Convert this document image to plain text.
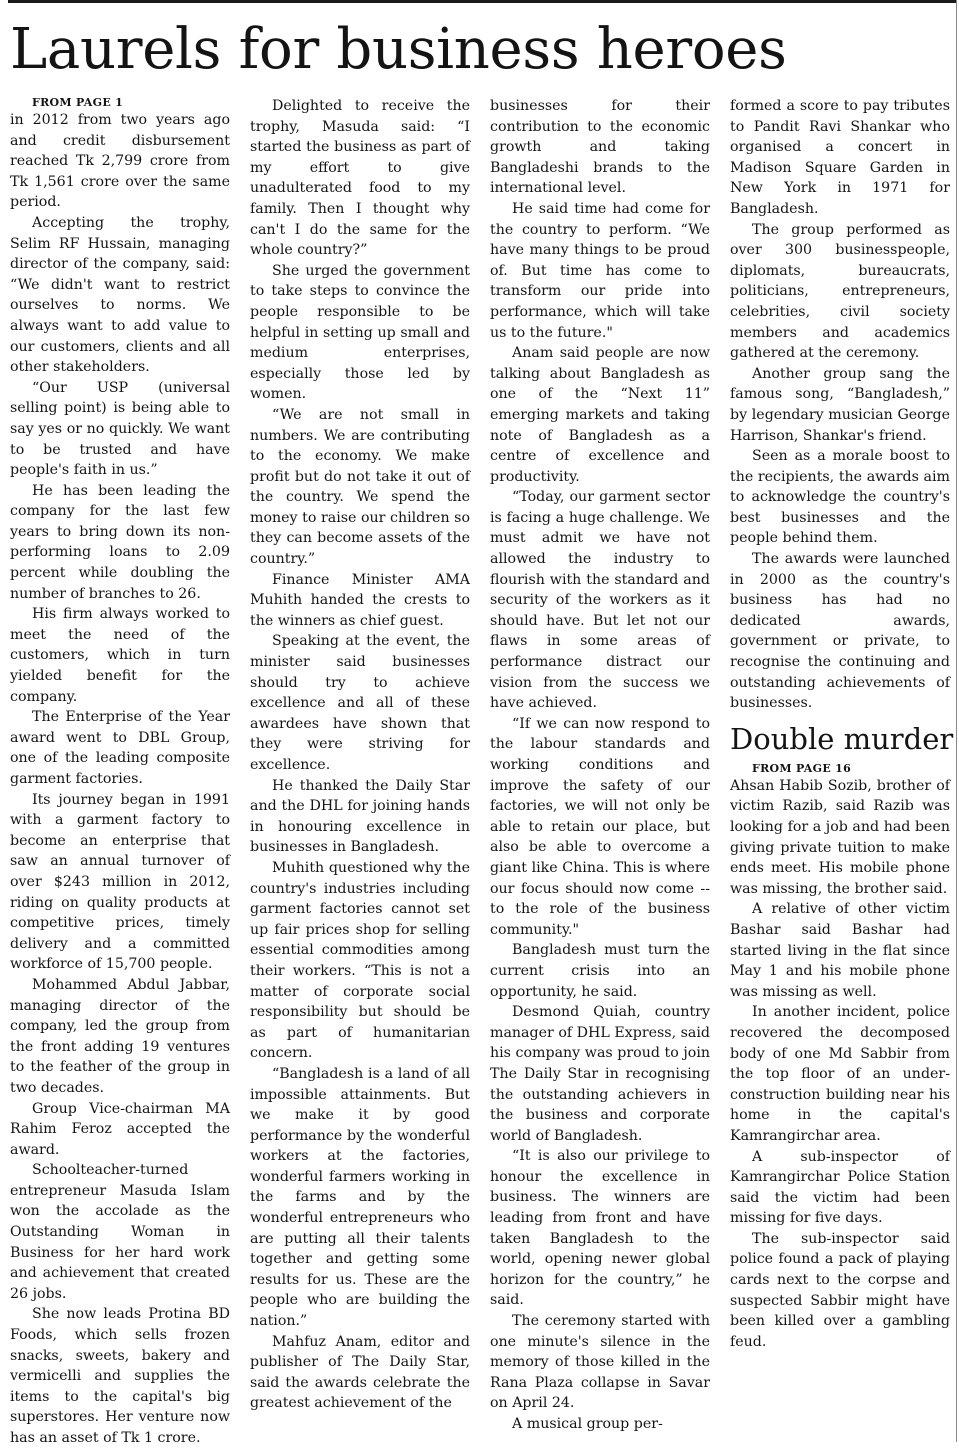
Laurels for business heroes

FROM PAGE 1

in 2012 from two years ago and credit disbursement reached Tk 2,799 crore from Tk 1,561 crore over the same period.

Accepting the trophy, Selim RF Hussain, managing director of the company, said: “We didn't want to restrict ourselves to norms. We always want to add value to our customers, clients and all other stakeholders.

“Our USP (universal selling point) is being able to say yes or no quickly. We want to be trusted and have people's faith in us.”

He has been leading the company for the last few years to bring down its non-performing loans to 2.09 percent while doubling the number of branches to 26.

His firm always worked to meet the need of the customers, which in turn yielded benefit for the company.

The Enterprise of the Year award went to DBL Group, one of the leading composite garment factories.

Its journey began in 1991 with a garment factory to become an enterprise that saw an annual turnover of over $243 million in 2012, riding on quality products at competitive prices, timely delivery and a committed workforce of 15,700 people.

Mohammed Abdul Jabbar, managing director of the company, led the group from the front adding 19 ventures to the feather of the group in two decades.

Group Vice-chairman MA Rahim Feroz accepted the award.

Schoolteacher-turned entrepreneur Masuda Islam won the accolade as the Outstanding Woman in Business for her hard work and achievement that created 26 jobs.

She now leads Protina BD Foods, which sells frozen snacks, sweets, bakery and vermicelli and supplies the items to the capital's big superstores. Her venture now has an asset of Tk 1 crore.

Delighted to receive the trophy, Masuda said: “I started the business as part of my effort to give unadulterated food to my family. Then I thought why can't I do the same for the whole country?”

She urged the government to take steps to convince the people responsible to be helpful in setting up small and medium enterprises, especially those led by women.

“We are not small in numbers. We are contributing to the economy. We make profit but do not take it out of the country. We spend the money to raise our children so they can become assets of the country.”

Finance Minister AMA Muhith handed the crests to the winners as chief guest.

Speaking at the event, the minister said businesses should try to achieve excellence and all of these awardees have shown that they were striving for excellence.

He thanked the Daily Star and the DHL for joining hands in honouring excellence in businesses in Bangladesh.

Muhith questioned why the country's industries including garment factories cannot set up fair prices shop for selling essential commodities among their workers. “This is not a matter of corporate social responsibility but should be as part of humanitarian concern.

“Bangladesh is a land of all impossible attainments. But we make it by good performance by the wonderful workers at the factories, wonderful farmers working in the farms and by the wonderful entrepreneurs who are putting all their talents together and getting some results for us. These are the people who are building the nation.”

Mahfuz Anam, editor and publisher of The Daily Star, said the awards celebrate the greatest achievement of the

businesses for their contribution to the economic growth and taking Bangladeshi brands to the international level.

He said time had come for the country to perform. “We have many things to be proud of. But time has come to transform our pride into performance, which will take us to the future."

Anam said people are now talking about Bangladesh as one of the “Next 11” emerging markets and taking note of Bangladesh as a centre of excellence and productivity.

“Today, our garment sector is facing a huge challenge. We must admit we have not allowed the industry to flourish with the standard and security of the workers as it should have. But let not our flaws in some areas of performance distract our vision from the success we have achieved.

“If we can now respond to the labour standards and working conditions and improve the safety of our factories, we will not only be able to retain our place, but also be able to overcome a giant like China. This is where our focus should now come -- to the role of the business community."

Bangladesh must turn the current crisis into an opportunity, he said.

Desmond Quiah, country manager of DHL Express, said his company was proud to join The Daily Star in recognising the outstanding achievers in the business and corporate world of Bangladesh.

“It is also our privilege to honour the excellence in business. The winners are leading from front and have taken Bangladesh to the world, opening newer global horizon for the country,” he said.

The ceremony started with one minute's silence in the memory of those killed in the Rana Plaza collapse in Savar on April 24.

A musical group per-

formed a score to pay tributes to Pandit Ravi Shankar who organised a concert in Madison Square Garden in New York in 1971 for Bangladesh.

The group performed as over 300 businesspeople, diplomats, bureaucrats, politicians, entrepreneurs, celebrities, civil society members and academics gathered at the ceremony.

Another group sang the famous song, “Bangladesh,” by legendary musician George Harrison, Shankar's friend.

Seen as a morale boost to the recipients, the awards aim to acknowledge the country's best businesses and the people behind them.

The awards were launched in 2000 as the country's business has had no dedicated awards, government or private, to recognise the continuing and outstanding achievements of businesses.

Double murder

FROM PAGE 16

Ahsan Habib Sozib, brother of victim Razib, said Razib was looking for a job and had been giving private tuition to make ends meet. His mobile phone was missing, the brother said.

A relative of other victim Bashar said Bashar had started living in the flat since May 1 and his mobile phone was missing as well.

In another incident, police recovered the decomposed body of one Md Sabbir from the top floor of an under-construction building near his home in the capital's Kamrangirchar area.

A sub-inspector of Kamrangirchar Police Station said the victim had been missing for five days.

The sub-inspector said police found a pack of playing cards next to the corpse and suspected Sabbir might have been killed over a gambling feud.
